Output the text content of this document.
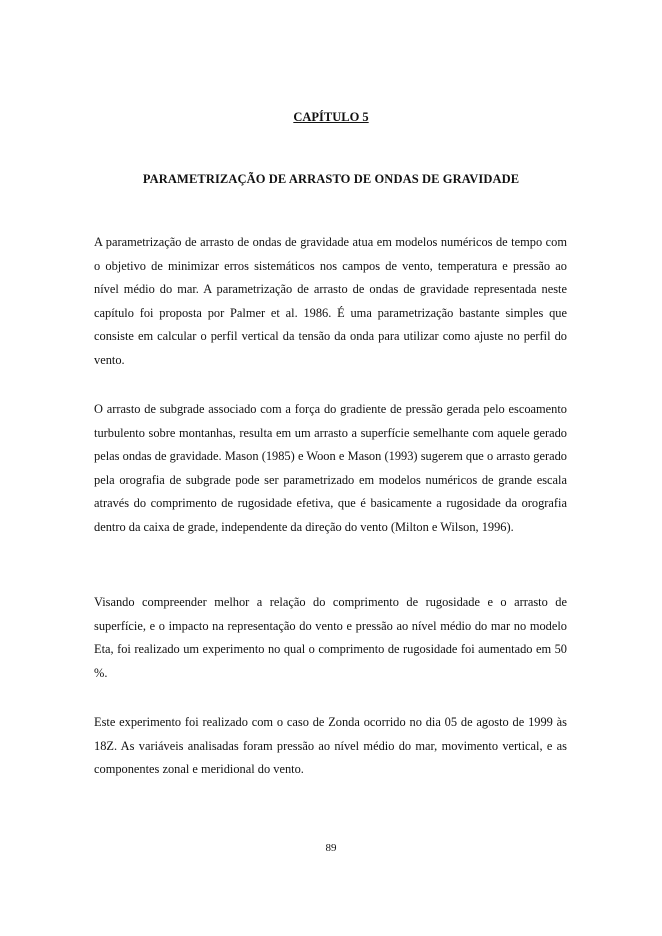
CAPÍTULO 5
PARAMETRIZAÇÃO DE ARRASTO DE ONDAS DE GRAVIDADE

A parametrização de arrasto de ondas de gravidade atua em modelos numéricos de tempo com o objetivo de minimizar erros sistemáticos nos campos de vento, temperatura e pressão ao nível médio do mar. A parametrização de arrasto de ondas de gravidade representada neste capítulo foi proposta por Palmer et al. 1986. É uma parametrização bastante simples que consiste em calcular o perfil vertical da tensão da onda para utilizar como ajuste no perfil do vento.

O arrasto de subgrade associado com a força do gradiente de pressão gerada pelo escoamento turbulento sobre montanhas, resulta em um arrasto a superfície semelhante com aquele gerado pelas ondas de gravidade. Mason (1985) e Woon e Mason (1993) sugerem que o arrasto gerado pela orografia de subgrade pode ser parametrizado em modelos numéricos de grande escala através do comprimento de rugosidade efetiva, que é basicamente a rugosidade da orografia dentro da caixa de grade, independente da direção do vento (Milton e Wilson, 1996).

Visando compreender melhor a relação do comprimento de rugosidade e o arrasto de superfície, e o impacto na representação do vento e pressão ao nível médio do mar no modelo Eta, foi realizado um experimento no qual o comprimento de rugosidade foi aumentado em 50 %.

Este experimento foi realizado com o caso de Zonda ocorrido no dia 05 de agosto de 1999 às 18Z. As variáveis analisadas foram pressão ao nível médio do mar, movimento vertical, e as componentes zonal e meridional do vento.

89
